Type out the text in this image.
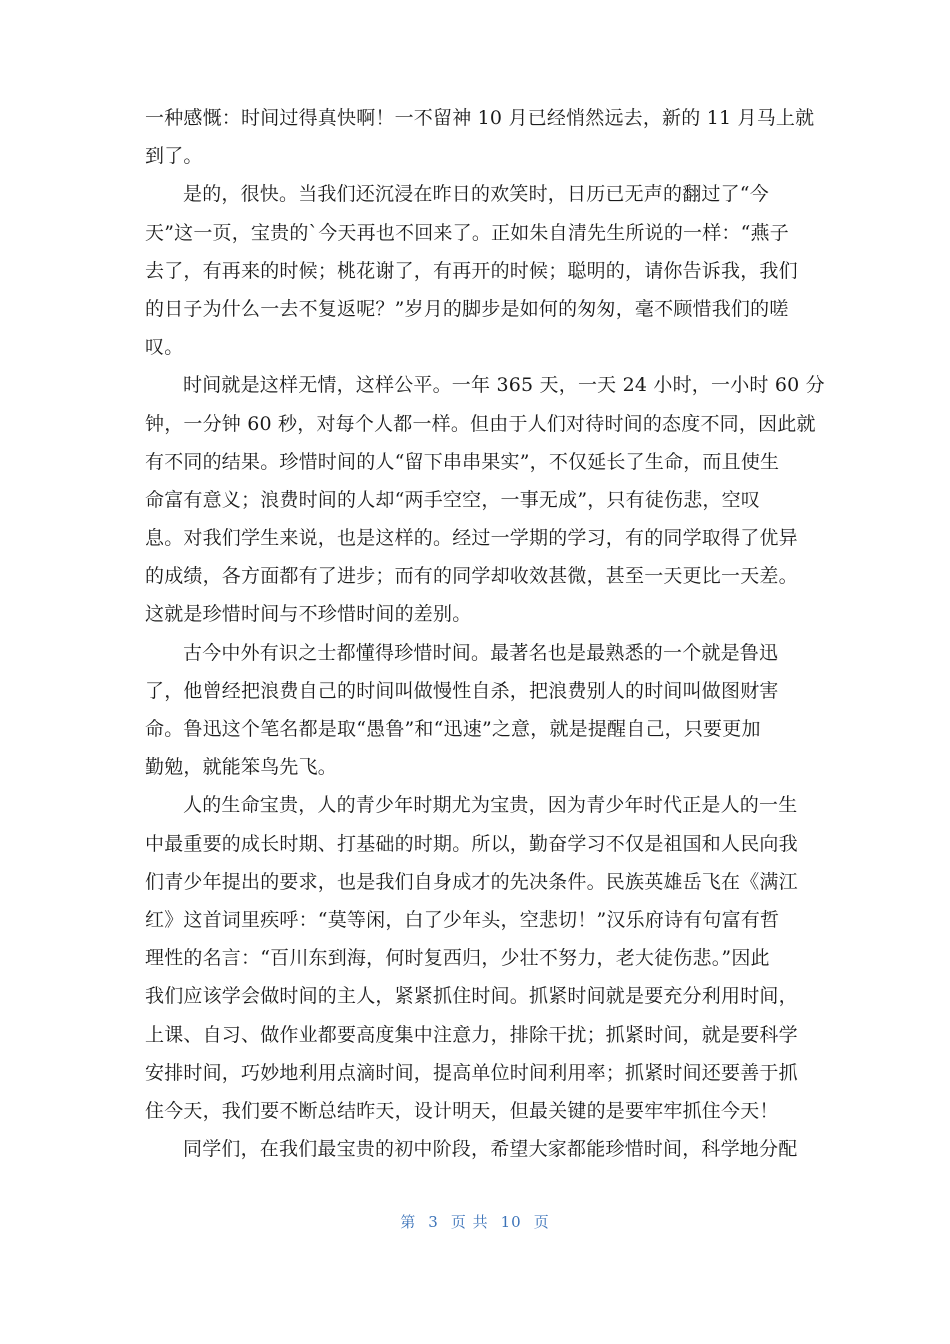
一种感慨：时间过得真快啊！一不留神 10 月已经悄然远去，新的 11 月马上就
到了。
是的，很快。当我们还沉浸在昨日的欢笑时，日历已无声的翻过了“今
天”这一页，宝贵的`今天再也不回来了。正如朱自清先生所说的一样：“燕子
去了，有再来的时候；桃花谢了，有再开的时候；聪明的，请你告诉我，我们
的日子为什么一去不复返呢？”岁月的脚步是如何的匆匆，毫不顾惜我们的嗟
叹。
时间就是这样无情，这样公平。一年 365 天，一天 24 小时，一小时 60 分
钟，一分钟 60 秒，对每个人都一样。但由于人们对待时间的态度不同，因此就
有不同的结果。珍惜时间的人“留下串串果实”，不仅延长了生命，而且使生
命富有意义；浪费时间的人却“两手空空，一事无成”，只有徒伤悲，空叹
息。对我们学生来说，也是这样的。经过一学期的学习，有的同学取得了优异
的成绩，各方面都有了进步；而有的同学却收效甚微，甚至一天更比一天差。
这就是珍惜时间与不珍惜时间的差别。
古今中外有识之士都懂得珍惜时间。最著名也是最熟悉的一个就是鲁迅
了，他曾经把浪费自己的时间叫做慢性自杀，把浪费别人的时间叫做图财害
命。鲁迅这个笔名都是取“愚鲁”和“迅速”之意，就是提醒自己，只要更加
勤勉，就能笨鸟先飞。
人的生命宝贵，人的青少年时期尤为宝贵，因为青少年时代正是人的一生
中最重要的成长时期、打基础的时期。所以，勤奋学习不仅是祖国和人民向我
们青少年提出的要求，也是我们自身成才的先决条件。民族英雄岳飞在《满江
红》这首词里疾呼：“莫等闲，白了少年头，空悲切！”汉乐府诗有句富有哲
理性的名言：“百川东到海，何时复西归，少壮不努力，老大徒伤悲。”因此
我们应该学会做时间的主人，紧紧抓住时间。抓紧时间就是要充分利用时间，
上课、自习、做作业都要高度集中注意力，排除干扰；抓紧时间，就是要科学
安排时间，巧妙地利用点滴时间，提高单位时间利用率；抓紧时间还要善于抓
住今天，我们要不断总结昨天，设计明天，但最关键的是要牢牢抓住今天！
同学们，在我们最宝贵的初中阶段，希望大家都能珍惜时间，科学地分配
第 3 页 共 10 页
